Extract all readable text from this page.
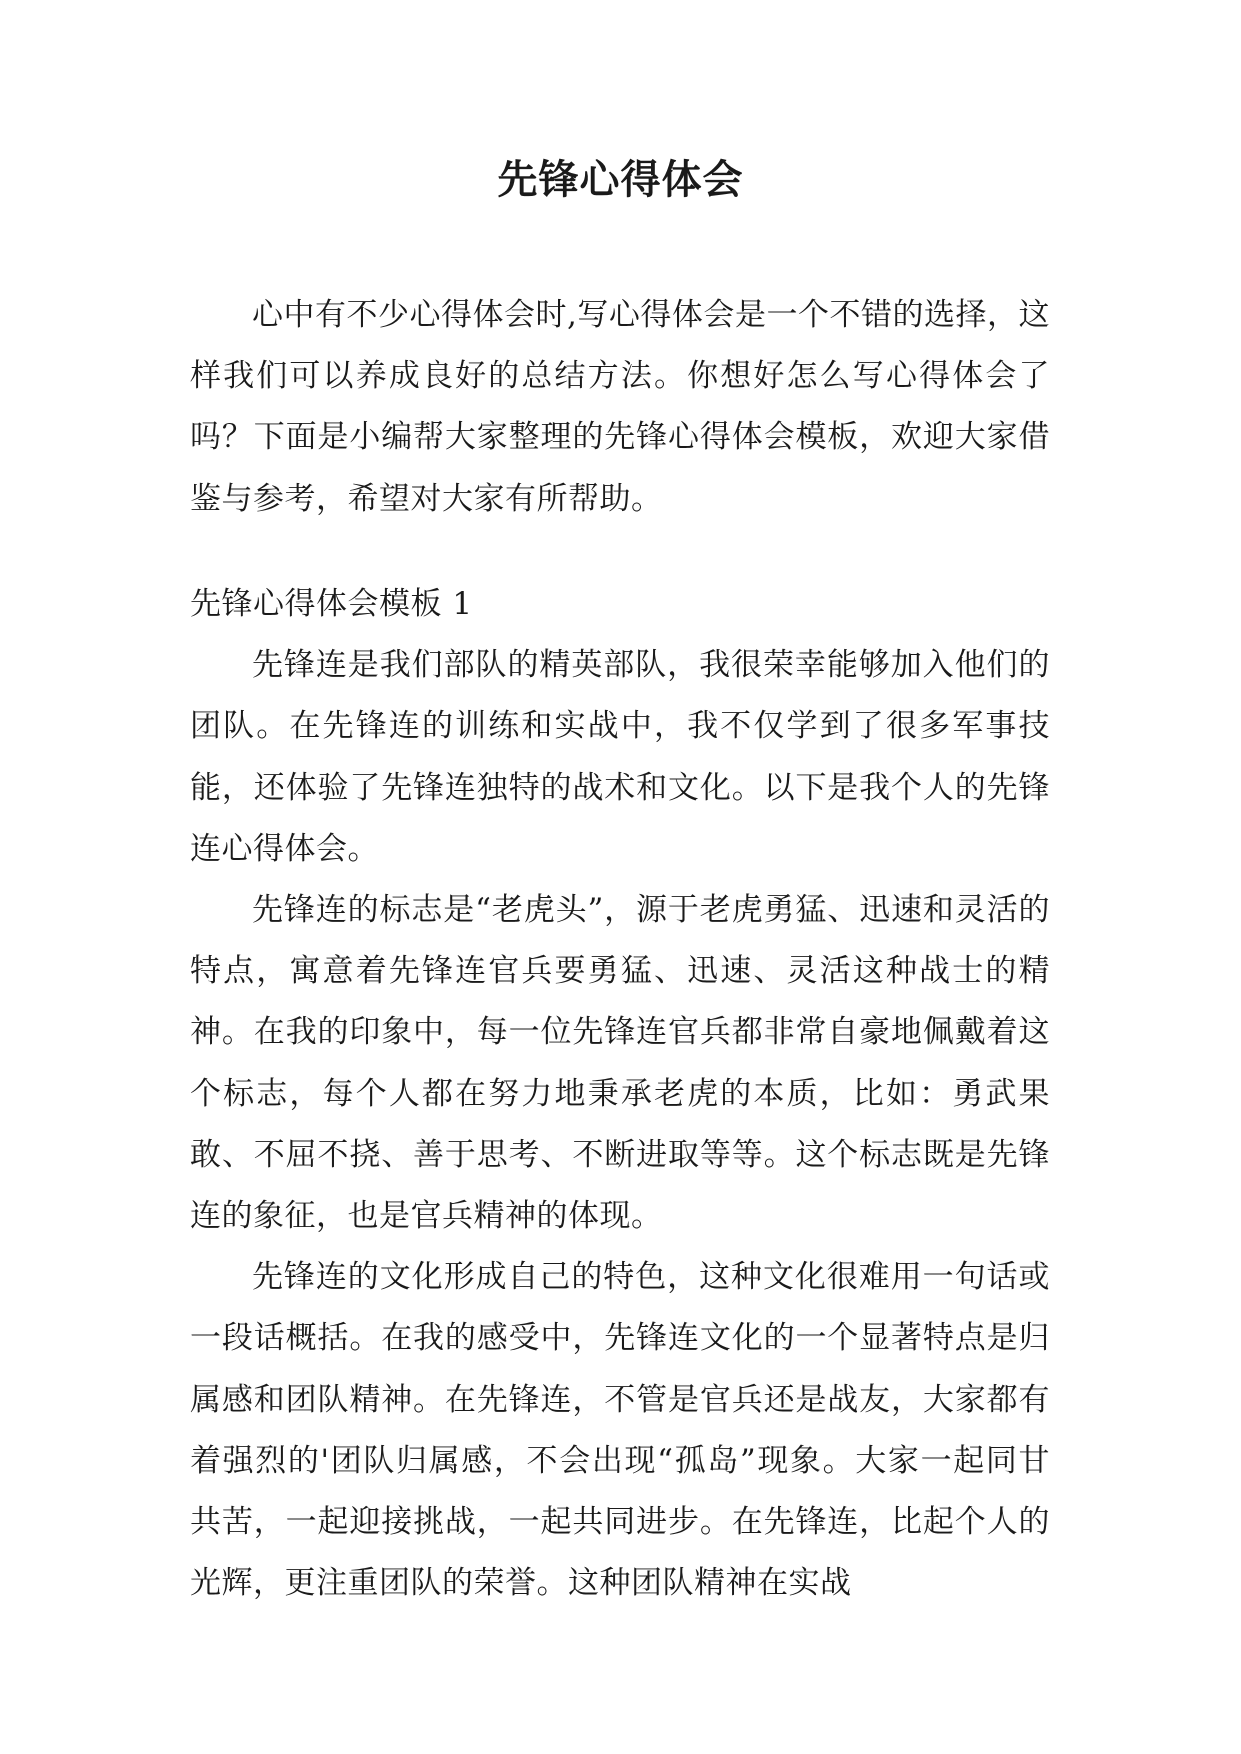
先锋心得体会

心中有不少心得体会时,写心得体会是一个不错的选择，这样我们可以养成良好的总结方法。你想好怎么写心得体会了吗？下面是小编帮大家整理的先锋心得体会模板，欢迎大家借鉴与参考，希望对大家有所帮助。

先锋心得体会模板 1

先锋连是我们部队的精英部队，我很荣幸能够加入他们的团队。在先锋连的训练和实战中，我不仅学到了很多军事技能，还体验了先锋连独特的战术和文化。以下是我个人的先锋连心得体会。

先锋连的标志是“老虎头”，源于老虎勇猛、迅速和灵活的特点，寓意着先锋连官兵要勇猛、迅速、灵活这种战士的精神。在我的印象中，每一位先锋连官兵都非常自豪地佩戴着这个标志，每个人都在努力地秉承老虎的本质，比如：勇武果敢、不屈不挠、善于思考、不断进取等等。这个标志既是先锋连的象征，也是官兵精神的体现。

先锋连的文化形成自己的特色，这种文化很难用一句话或一段话概括。在我的感受中，先锋连文化的一个显著特点是归属感和团队精神。在先锋连，不管是官兵还是战友，大家都有着强烈的'团队归属感，不会出现“孤岛”现象。大家一起同甘共苦，一起迎接挑战，一起共同进步。在先锋连，比起个人的光辉，更注重团队的荣誉。这种团队精神在实战
